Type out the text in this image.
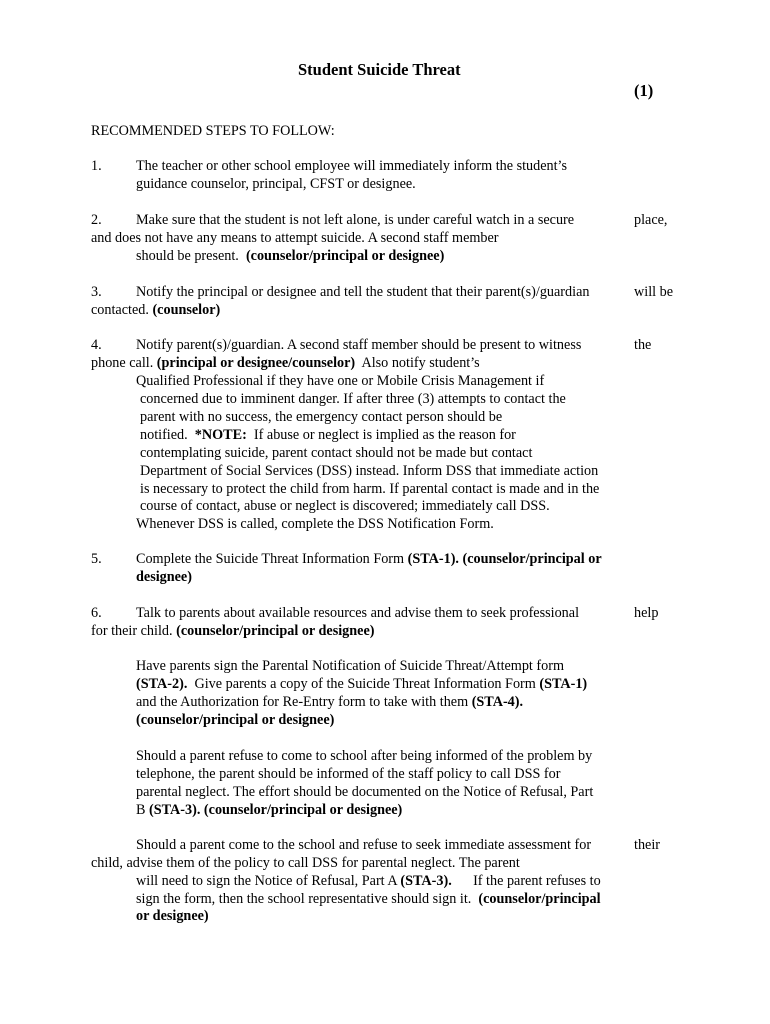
Student Suicide Threat
(1)
RECOMMENDED STEPS TO FOLLOW:
1. The teacher or other school employee will immediately inform the student’s
guidance counselor, principal, CFST or designee.
2. Make sure that the student is not left alone, is under careful watch in a secure	place,
and does not have any means to attempt suicide. A second staff member
should be present. (counselor/principal or designee)
3. Notify the principal or designee and tell the student that their parent(s)/guardian	will be
contacted. (counselor)
4. Notify parent(s)/guardian. A second staff member should be present to witness	the
phone call. (principal or designee/counselor) Also notify student’s
Qualified Professional if they have one or Mobile Crisis Management if
concerned due to imminent danger. If after three (3) attempts to contact the
parent with no success, the emergency contact person should be
notified. *NOTE: If abuse or neglect is implied as the reason for
contemplating suicide, parent contact should not be made but contact
Department of Social Services (DSS) instead. Inform DSS that immediate action
is necessary to protect the child from harm. If parental contact is made and in the
course of contact, abuse or neglect is discovered; immediately call DSS.
Whenever DSS is called, complete the DSS Notification Form.
5. Complete the Suicide Threat Information Form (STA-1). (counselor/principal or
designee)
6. Talk to parents about available resources and advise them to seek professional	help
for their child. (counselor/principal or designee)
Have parents sign the Parental Notification of Suicide Threat/Attempt form
(STA-2). Give parents a copy of the Suicide Threat Information Form (STA-1)
and the Authorization for Re-Entry form to take with them (STA-4).
(counselor/principal or designee)
Should a parent refuse to come to school after being informed of the problem by
telephone, the parent should be informed of the staff policy to call DSS for
parental neglect. The effort should be documented on the Notice of Refusal, Part
B (STA-3). (counselor/principal or designee)
Should a parent come to the school and refuse to seek immediate assessment for	their
child, advise them of the policy to call DSS for parental neglect. The parent
will need to sign the Notice of Refusal, Part A (STA-3). If the parent refuses to
sign the form, then the school representative should sign it. (counselor/principal
or designee)
